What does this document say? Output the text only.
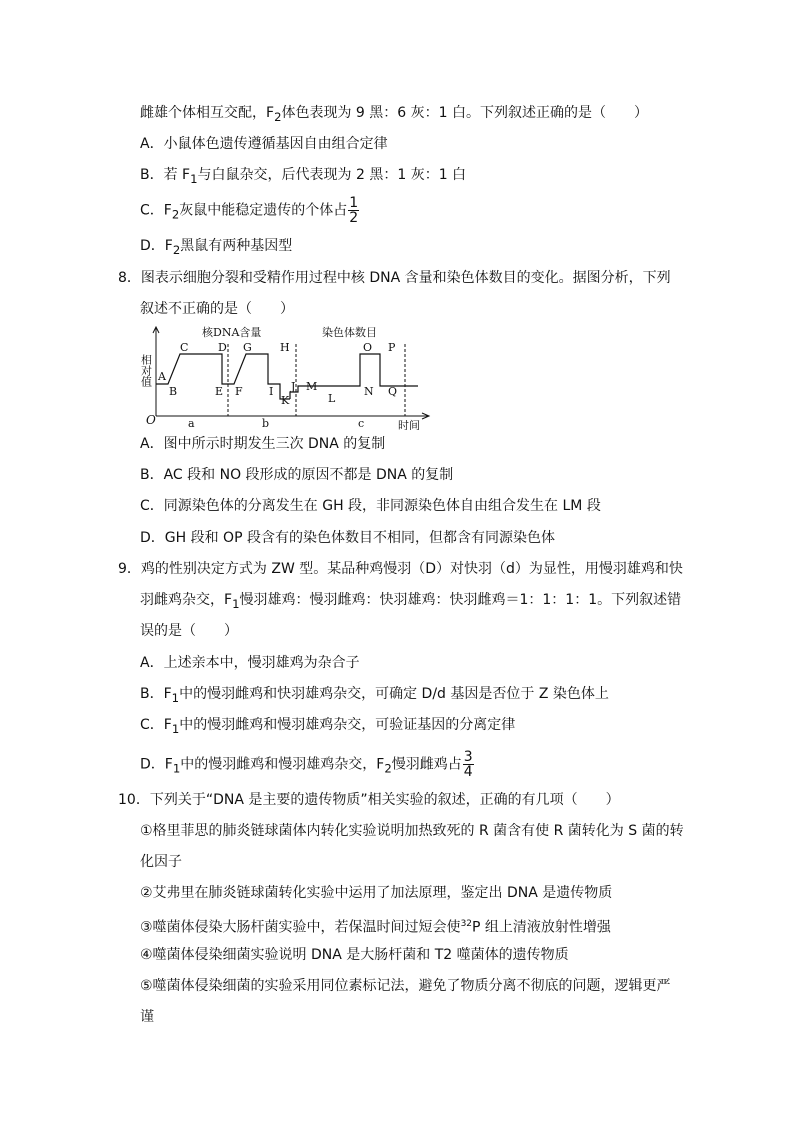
雌雄个体相互交配，$F_2$体色表现为 9 黑：6 灰：1 白。下列叙述正确的是（　　）
A．小鼠体色遗传遵循基因自由组合定律
B．若 $F_1$与白鼠杂交，后代表现为 2 黑：1 灰：1 白
C．$F_2$灰鼠中能稳定遗传的个体占 $\frac{1}{2}$
D．$F_2$黑鼠有两种基因型
8．图表示细胞分裂和受精作用过程中核 DNA 含量和染色体数目的变化。据图分析，下列
叙述不正确的是（　　）
相对值
O	时间
核DNA含量	染色体数目
A
B
C	D
E F
G	H
I J
K
M
L
O P
N Q
a	b	c
A．图中所示时期发生三次 DNA 的复制
B．AC 段和 NO 段形成的原因不都是 DNA 的复制
C．同源染色体的分离发生在 GH 段，非同源染色体自由组合发生在 LM 段
D．GH 段和 OP 段含有的染色体数目不相同，但都含有同源染色体
9．鸡的性别决定方式为 ZW 型。某品种鸡慢羽（D）对快羽（d）为显性，用慢羽雄鸡和快
羽雌鸡杂交，$F_1$慢羽雄鸡：慢羽雌鸡：快羽雄鸡：快羽雌鸡＝1：1：1：1。下列叙述错
误的是（　　）
A．上述亲本中，慢羽雄鸡为杂合子
B．$F_1$中的慢羽雌鸡和快羽雄鸡杂交，可确定 D/d 基因是否位于 Z 染色体上
C．$F_1$中的慢羽雌鸡和慢羽雄鸡杂交，可验证基因的分离定律
D．$F_1$中的慢羽雌鸡和慢羽雄鸡杂交，$F_2$慢羽雌鸡占 $\frac{3}{4}$
10．下列关于“DNA 是主要的遗传物质”相关实验的叙述，正确的有几项（　　）
①格里菲思的肺炎链球菌体内转化实验说明加热致死的 R 菌含有使 R 菌转化为 S 菌的转
化因子
②艾弗里在肺炎链球菌转化实验中运用了加法原理，鉴定出 DNA 是遗传物质
③噬菌体侵染大肠杆菌实验中，若保温时间过短会使$^{32}$P 组上清液放射性增强
④噬菌体侵染细菌实验说明 DNA 是大肠杆菌和 T2 噬菌体的遗传物质
⑤噬菌体侵染细菌的实验采用同位素标记法，避免了物质分离不彻底的问题，逻辑更严
谨
